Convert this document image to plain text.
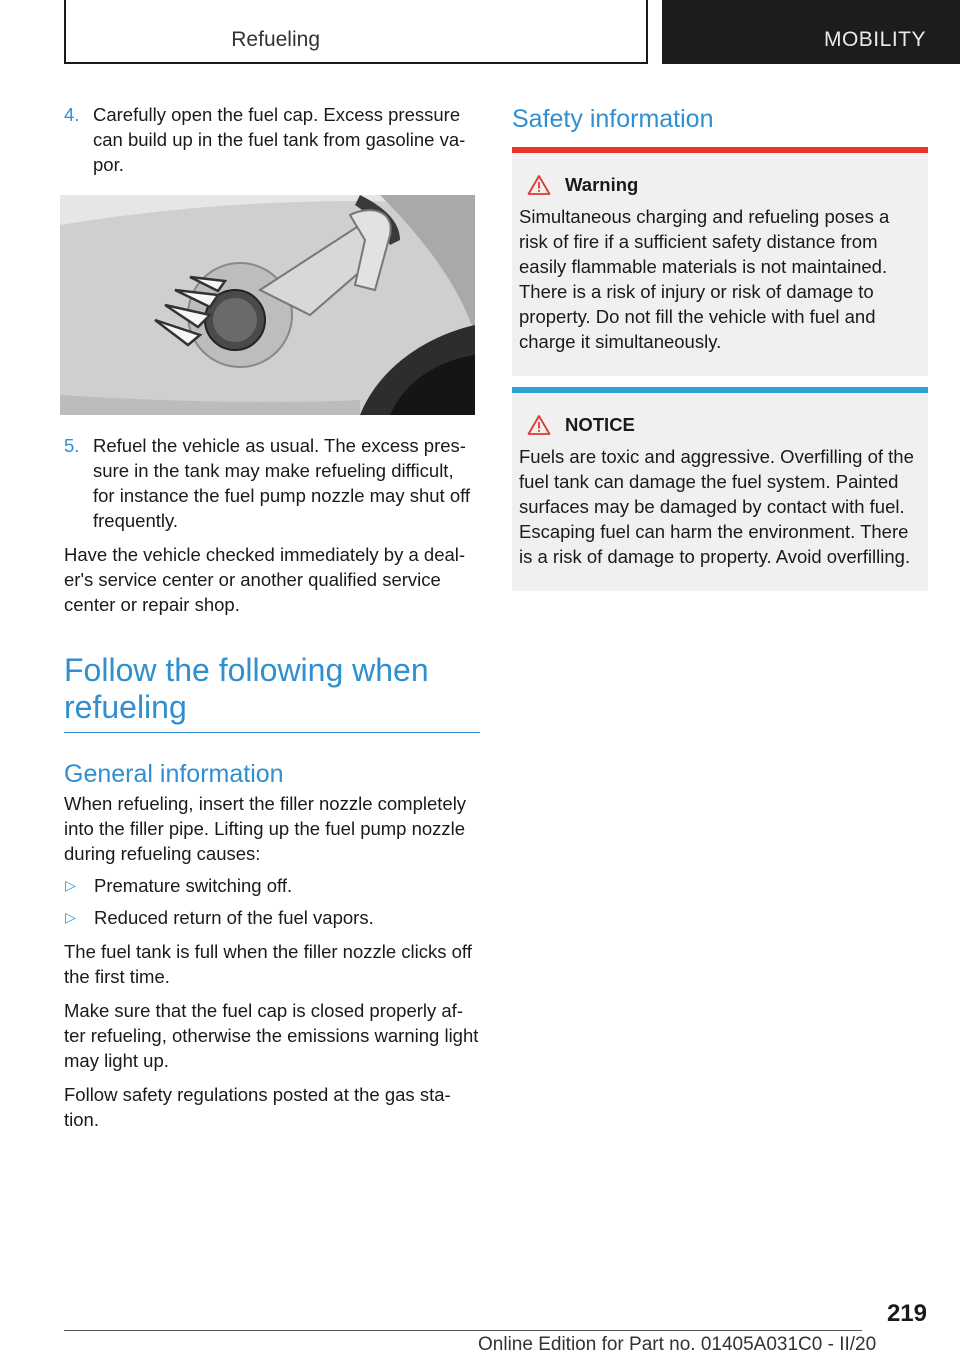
Refueling	MOBILITY

4. Carefully open the fuel cap. Excess pressure can build up in the fuel tank from gasoline va-por.

5. Refuel the vehicle as usual. The excess pres-sure in the tank may make refueling difficult, for instance the fuel pump nozzle may shut off frequently.

Have the vehicle checked immediately by a deal-er's service center or another qualified service center or repair shop.

Follow the following when refueling
General information

When refueling, insert the filler nozzle completely into the filler pipe. Lifting up the fuel pump nozzle during refueling causes:

▷ Premature switching off.

▷ Reduced return of the fuel vapors.

The fuel tank is full when the filler nozzle clicks off the first time.

Make sure that the fuel cap is closed properly af-ter refueling, otherwise the emissions warning light may light up.

Follow safety regulations posted at the gas sta-tion.

Safety information
Warning

Simultaneous charging and refueling poses a risk of fire if a sufficient safety distance from easily flammable materials is not maintained. There is a risk of injury or risk of damage to property. Do not fill the vehicle with fuel and charge it simultaneously.

NOTICE

Fuels are toxic and aggressive. Overfilling of the fuel tank can damage the fuel system. Painted surfaces may be damaged by contact with fuel. Escaping fuel can harm the environment. There is a risk of damage to property. Avoid overfilling.

219
Online Edition for Part no. 01405A031C0 - II/20
